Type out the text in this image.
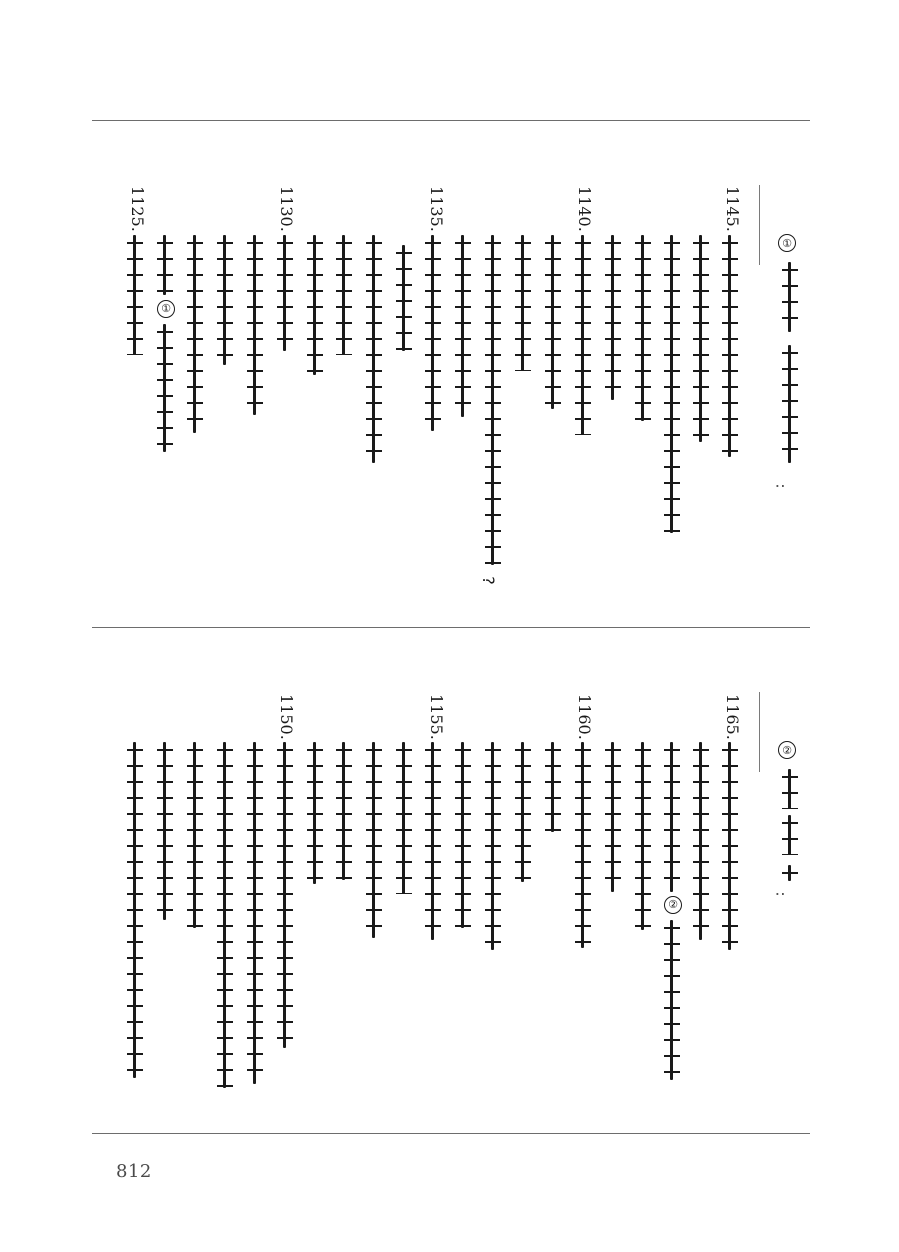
①
:
1145.
1140.
1135.
1130.
1125.
?
①
②
:
1165.
1160.
1155.
1150.
②
812
